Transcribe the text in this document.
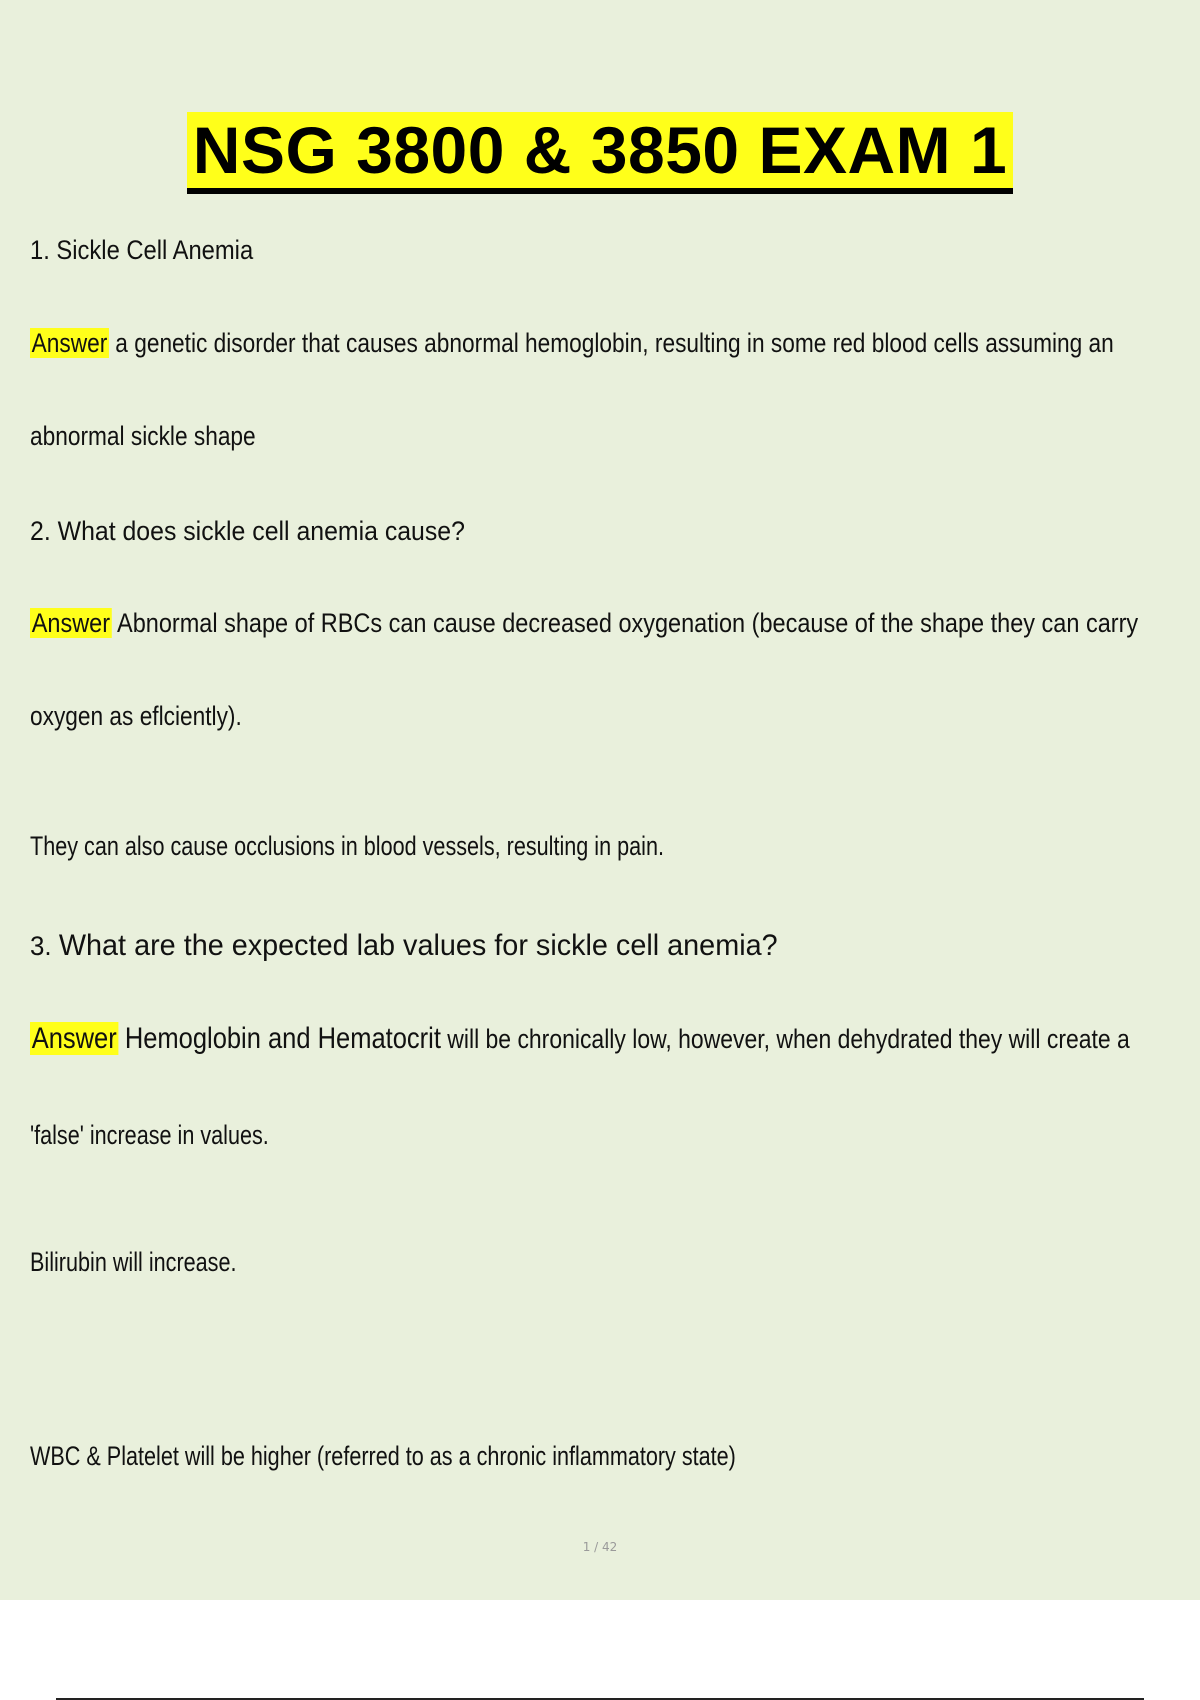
NSG 3800 & 3850 EXAM 1
1. Sickle Cell Anemia
Answer a genetic disorder that causes abnormal hemoglobin, resulting in some red blood cells assuming an
abnormal sickle shape
2. What does sickle cell anemia cause?
Answer Abnormal shape of RBCs can cause decreased oxygenation (because of the shape they can carry
oxygen as eflciently).
They can also cause occlusions in blood vessels, resulting in pain.
3. What are the expected lab values for sickle cell anemia?
Answer Hemoglobin and Hematocrit will be chronically low, however, when dehydrated they will create a
'false' increase in values.
Bilirubin will increase.
WBC & Platelet will be higher (referred to as a chronic inflammatory state)
1 / 42
